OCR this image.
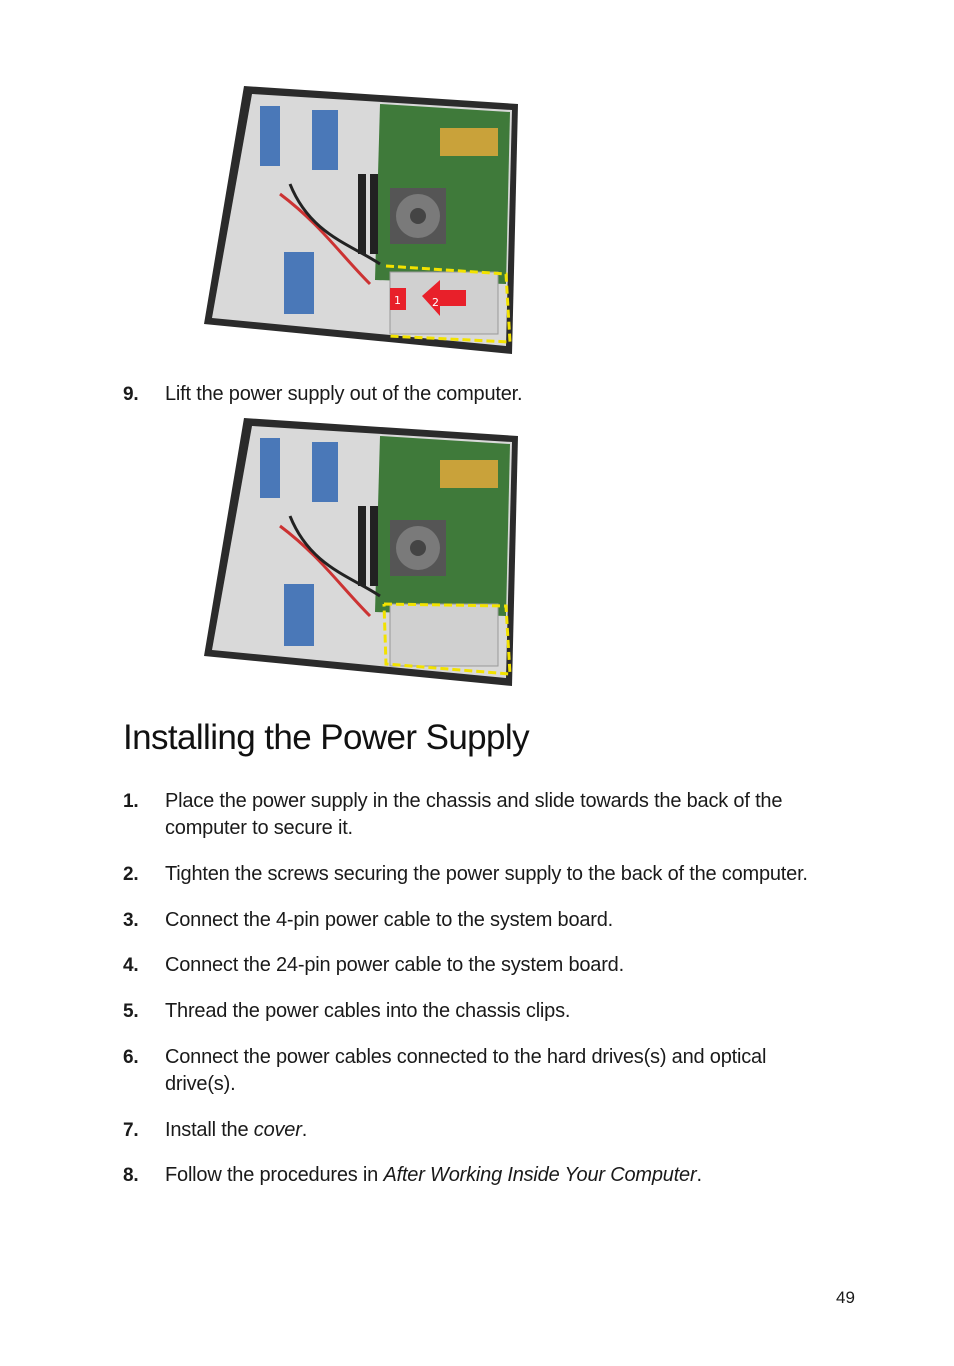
1	2
9. Lift the power supply out of the computer.
Installing the Power Supply
1. Place the power supply in the chassis and slide towards the back of the computer to secure it.
2. Tighten the screws securing the power supply to the back of the computer.
3. Connect the 4-pin power cable to the system board.
4. Connect the 24-pin power cable to the system board.
5. Thread the power cables into the chassis clips.
6. Connect the power cables connected to the hard drives(s) and optical drive(s).
7. Install the cover.
8. Follow the procedures in After Working Inside Your Computer.
49
